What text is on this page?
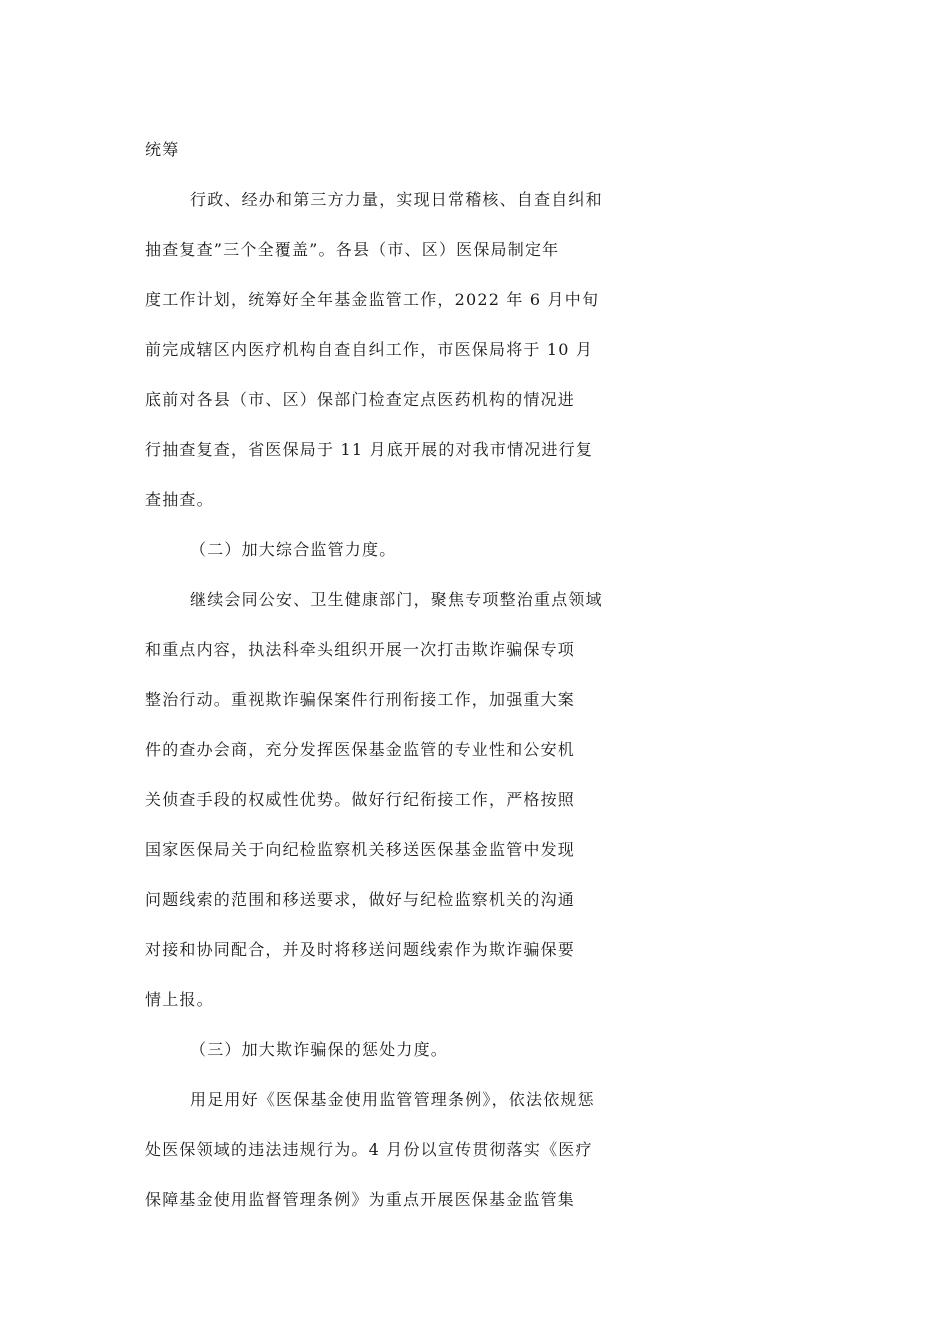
统筹
行政、经办和第三方力量，实现日常稽核、自查自纠和
抽查复查”三个全覆盖”。各县（市、区）医保局制定年
度工作计划，统筹好全年基金监管工作，2022 年 6 月中旬
前完成辖区内医疗机构自查自纠工作，市医保局将于 10 月
底前对各县（市、区）保部门检查定点医药机构的情况进
行抽查复查，省医保局于 11 月底开展的对我市情况进行复
查抽查。
（二）加大综合监管力度。
继续会同公安、卫生健康部门，聚焦专项整治重点领域
和重点内容，执法科牵头组织开展一次打击欺诈骗保专项
整治行动。重视欺诈骗保案件行刑衔接工作，加强重大案
件的查办会商，充分发挥医保基金监管的专业性和公安机
关侦查手段的权威性优势。做好行纪衔接工作，严格按照
国家医保局关于向纪检监察机关移送医保基金监管中发现
问题线索的范围和移送要求，做好与纪检监察机关的沟通
对接和协同配合，并及时将移送问题线索作为欺诈骗保要
情上报。
（三）加大欺诈骗保的惩处力度。
用足用好《医保基金使用监管管理条例》，依法依规惩
处医保领域的违法违规行为。4 月份以宣传贯彻落实《医疗
保障基金使用监督管理条例》为重点开展医保基金监管集
